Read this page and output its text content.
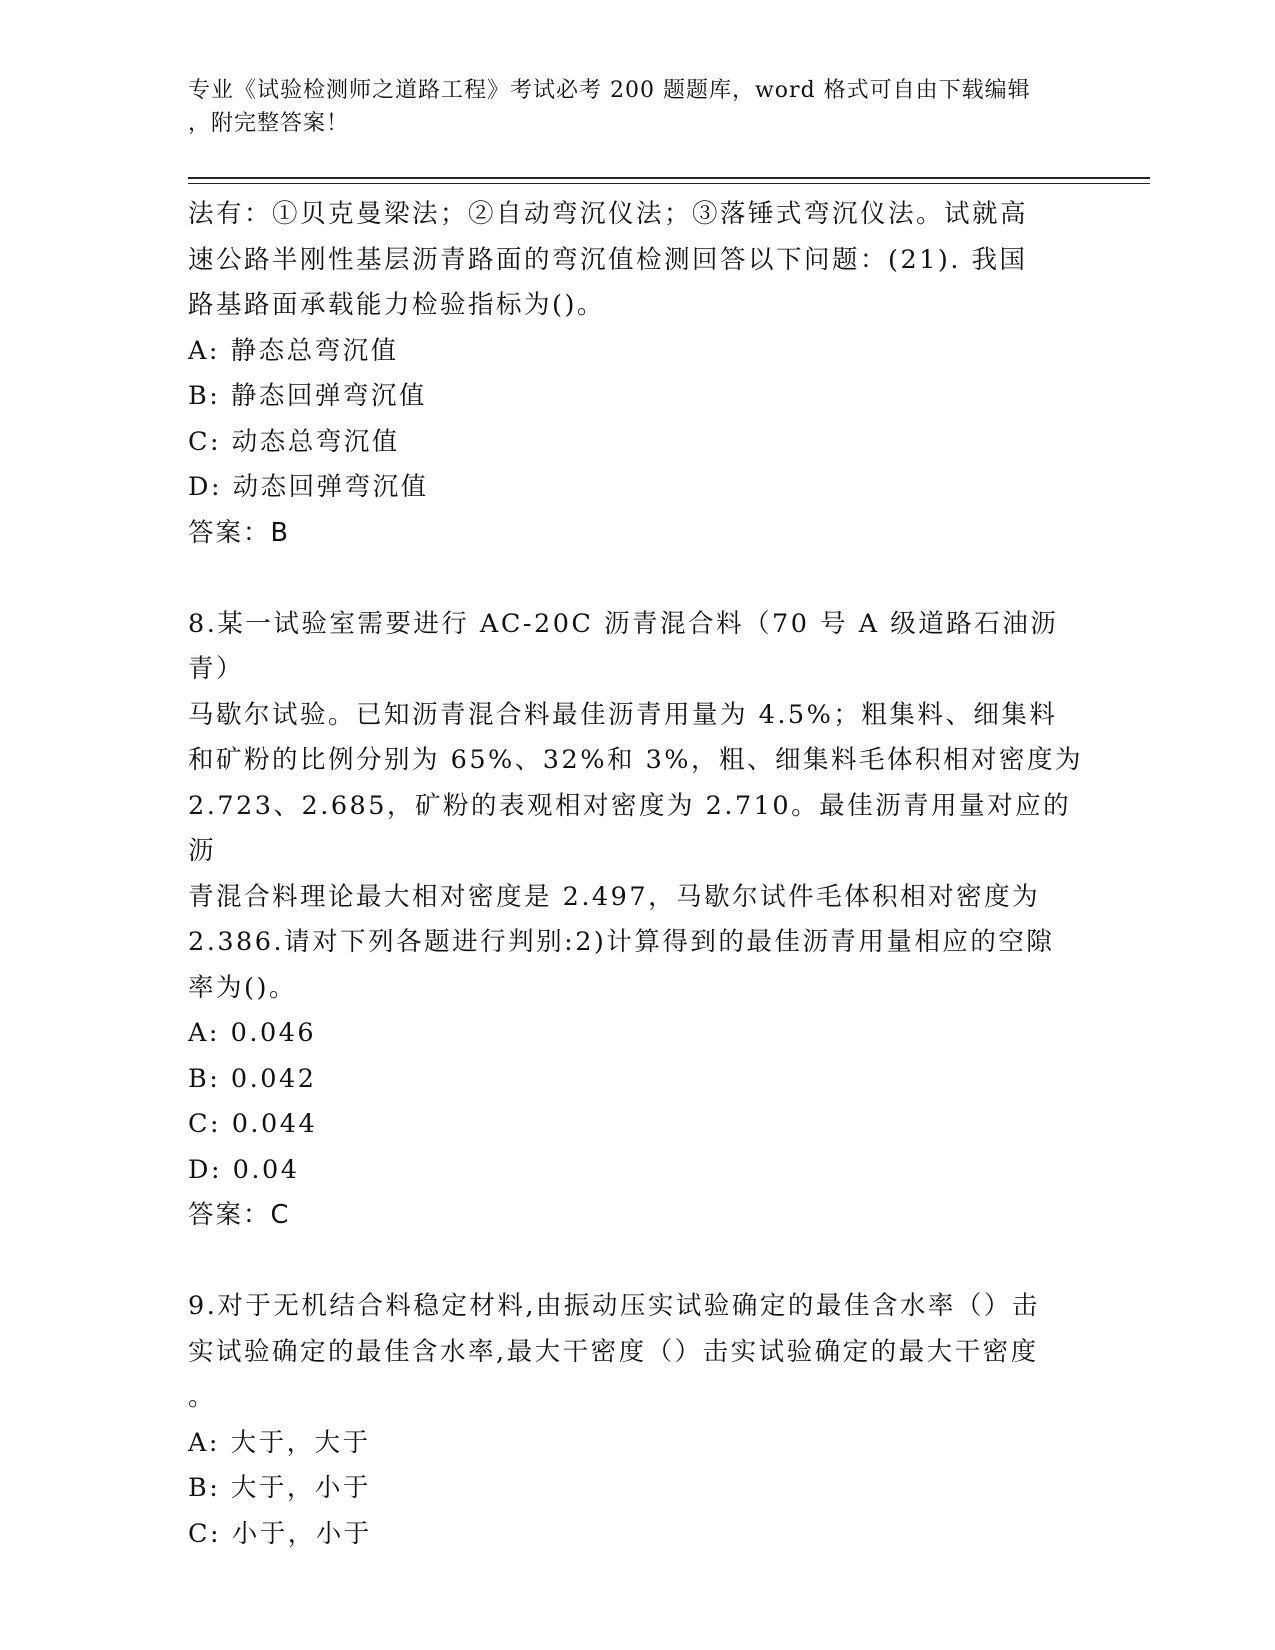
专业《试验检测师之道路工程》考试必考 200 题题库，word 格式可自由下载编辑
，附完整答案！

法有：①贝克曼梁法；②自动弯沉仪法；③落锤式弯沉仪法。试就高

速公路半刚性基层沥青路面的弯沉值检测回答以下问题：(21). 我国

路基路面承载能力检验指标为()。

A: 静态总弯沉值

B: 静态回弹弯沉值

C: 动态总弯沉值

D: 动态回弹弯沉值

答案：B

8.某一试验室需要进行 AC-20C 沥青混合料（70 号 A 级道路石油沥青）

马歇尔试验。已知沥青混合料最佳沥青用量为 4.5%；粗集料、细集料

和矿粉的比例分别为 65%、32%和 3%，粗、细集料毛体积相对密度为

2.723、2.685，矿粉的表观相对密度为 2.710。最佳沥青用量对应的沥

青混合料理论最大相对密度是 2.497，马歇尔试件毛体积相对密度为

2.386.请对下列各题进行判别:2)计算得到的最佳沥青用量相应的空隙

率为()。

A: 0.046

B: 0.042

C: 0.044

D: 0.04

答案：C

9.对于无机结合料稳定材料,由振动压实试验确定的最佳含水率（）击

实试验确定的最佳含水率,最大干密度（）击实试验确定的最大干密度

。

A: 大于，大于

B: 大于，小于

C: 小于，小于
